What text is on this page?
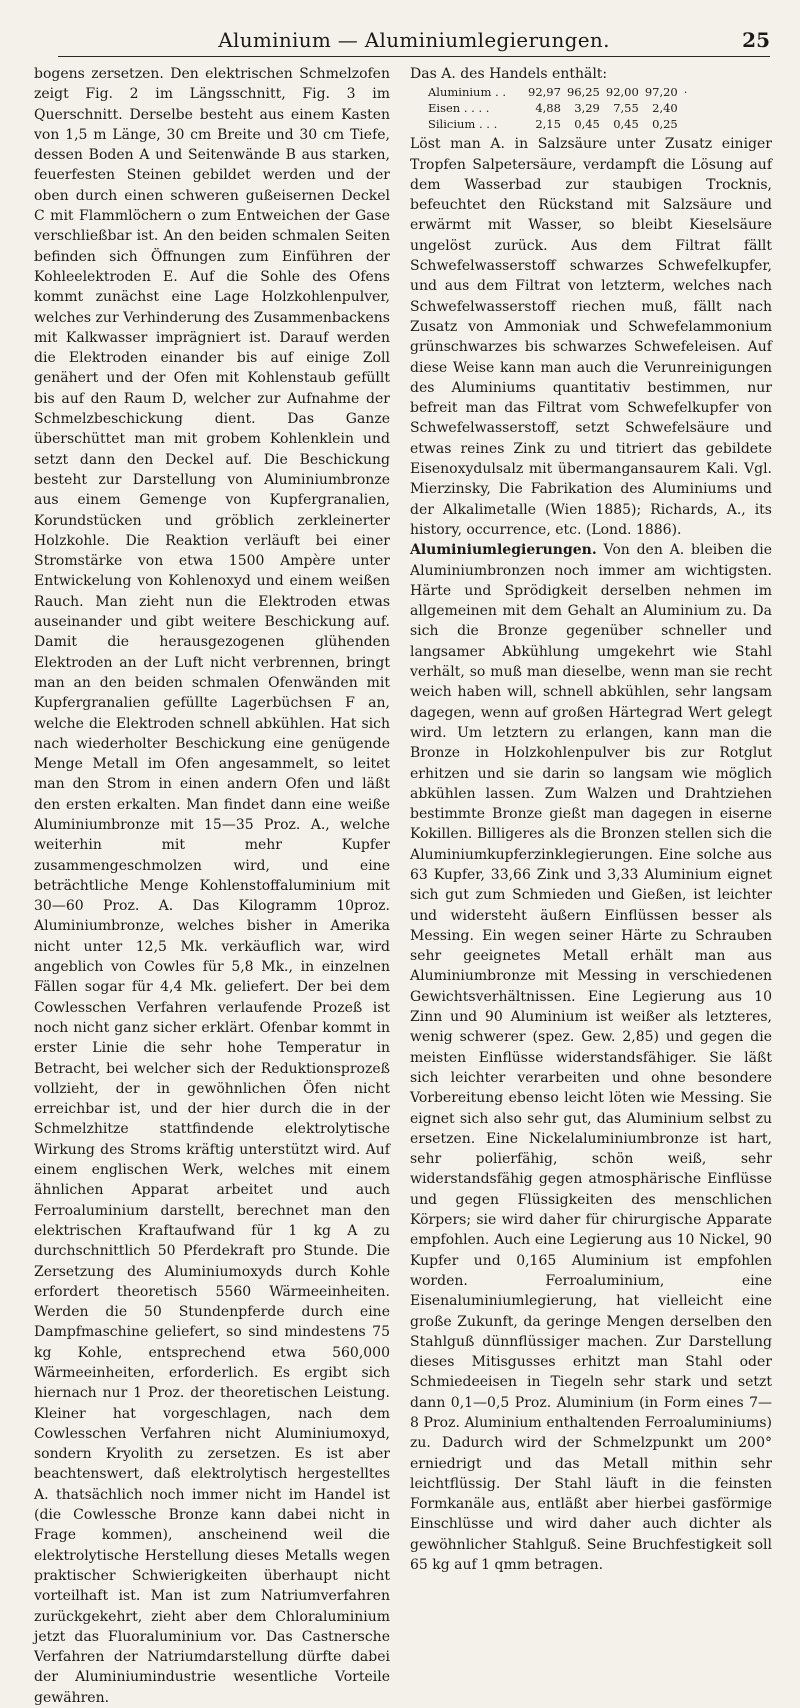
Aluminium — Aluminiumlegierungen.	25

bogens zersetzen. Den elektrischen Schmelzofen zeigt Fig. 2 im Längsschnitt, Fig. 3 im Querschnitt. Derselbe besteht aus einem Kasten von 1,5 m Länge, 30 cm Breite und 30 cm Tiefe, dessen Boden A und Seitenwände B aus starken, feuerfesten Steinen gebildet werden und der oben durch einen schweren gußeisernen Deckel C mit Flammlöchern o zum Entweichen der Gase verschließbar ist. An den beiden schmalen Seiten befinden sich Öffnungen zum Einführen der Kohleelektroden E. Auf die Sohle des Ofens kommt zunächst eine Lage Holzkohlenpulver, welches zur Verhinderung des Zusammenbackens mit Kalkwasser imprägniert ist. Darauf werden die Elektroden einander bis auf einige Zoll genähert und der Ofen mit Kohlenstaub gefüllt bis auf den Raum D, welcher zur Aufnahme der Schmelzbeschickung dient. Das Ganze überschüttet man mit grobem Kohlenklein und setzt dann den Deckel auf. Die Beschickung besteht zur Darstellung von Aluminiumbronze aus einem Gemenge von Kupfergranalien, Korundstücken und gröblich zerkleinerter Holzkohle. Die Reaktion verläuft bei einer Stromstärke von etwa 1500 Ampère unter Entwickelung von Kohlenoxyd und einem weißen Rauch. Man zieht nun die Elektroden etwas auseinander und gibt weitere Beschickung auf. Damit die herausgezogenen glühenden Elektroden an der Luft nicht verbrennen, bringt man an den beiden schmalen Ofenwänden mit Kupfergranalien gefüllte Lagerbüchsen F an, welche die Elektroden schnell abkühlen. Hat sich nach wiederholter Beschickung eine genügende Menge Metall im Ofen angesammelt, so leitet man den Strom in einen andern Ofen und läßt den ersten erkalten. Man findet dann eine weiße Aluminiumbronze mit 15—35 Proz. A., welche weiterhin mit mehr Kupfer zusammengeschmolzen wird, und eine beträchtliche Menge Kohlenstoffaluminium mit 30—60 Proz. A. Das Kilogramm 10proz. Aluminiumbronze, welches bisher in Amerika nicht unter 12,5 Mk. verkäuflich war, wird angeblich von Cowles für 5,8 Mk., in einzelnen Fällen sogar für 4,4 Mk. geliefert. Der bei dem Cowlesschen Verfahren verlaufende Prozeß ist noch nicht ganz sicher erklärt. Ofenbar kommt in erster Linie die sehr hohe Temperatur in Betracht, bei welcher sich der Reduktionsprozeß vollzieht, der in gewöhnlichen Öfen nicht erreichbar ist, und der hier durch die in der Schmelzhitze stattfindende elektrolytische Wirkung des Stroms kräftig unterstützt wird. Auf einem englischen Werk, welches mit einem ähnlichen Apparat arbeitet und auch Ferroaluminium darstellt, berechnet man den elektrischen Kraftaufwand für 1 kg A zu durchschnittlich 50 Pferdekraft pro Stunde. Die Zersetzung des Aluminiumoxyds durch Kohle erfordert theoretisch 5560 Wärmeeinheiten. Werden die 50 Stundenpferde durch eine Dampfmaschine geliefert, so sind mindestens 75 kg Kohle, entsprechend etwa 560,000 Wärmeeinheiten, erforderlich. Es ergibt sich hiernach nur 1 Proz. der theoretischen Leistung. Kleiner hat vorgeschlagen, nach dem Cowlesschen Verfahren nicht Aluminiumoxyd, sondern Kryolith zu zersetzen. Es ist aber beachtenswert, daß elektrolytisch hergestelltes A. thatsächlich noch immer nicht im Handel ist (die Cowlessche Bronze kann dabei nicht in Frage kommen), anscheinend weil die elektrolytische Herstellung dieses Metalls wegen praktischer Schwierigkeiten überhaupt nicht vorteilhaft ist. Man ist zum Natriumverfahren zurückgekehrt, zieht aber dem Chloraluminium jetzt das Fluoraluminium vor. Das Castnersche Verfahren der Natriumdarstellung dürfte dabei der Aluminiumindustrie wesentliche Vorteile gewähren.

Das A. des Handels enthält:

Aluminium . .	92,97	96,25	92,00	97,20	·
Eisen . . . .	4,88	3,29	7,55	2,40	
Silicium . . .	2,15	0,45	0,45	0,25	

Löst man A. in Salzsäure unter Zusatz einiger Tropfen Salpetersäure, verdampft die Lösung auf dem Wasserbad zur staubigen Trocknis, befeuchtet den Rückstand mit Salzsäure und erwärmt mit Wasser, so bleibt Kieselsäure ungelöst zurück. Aus dem Filtrat fällt Schwefelwasserstoff schwarzes Schwefelkupfer, und aus dem Filtrat von letzterm, welches nach Schwefelwasserstoff riechen muß, fällt nach Zusatz von Ammoniak und Schwefelammonium grünschwarzes bis schwarzes Schwefeleisen. Auf diese Weise kann man auch die Verunreinigungen des Aluminiums quantitativ bestimmen, nur befreit man das Filtrat vom Schwefelkupfer von Schwefelwasserstoff, setzt Schwefelsäure und etwas reines Zink zu und titriert das gebildete Eisenoxydulsalz mit übermangansaurem Kali. Vgl. Mierzinsky, Die Fabrikation des Aluminiums und der Alkalimetalle (Wien 1885); Richards, A., its history, occurrence, etc. (Lond. 1886).

Aluminiumlegierungen. Von den A. bleiben die Aluminiumbronzen noch immer am wichtigsten. Härte und Sprödigkeit derselben nehmen im allgemeinen mit dem Gehalt an Aluminium zu. Da sich die Bronze gegenüber schneller und langsamer Abkühlung umgekehrt wie Stahl verhält, so muß man dieselbe, wenn man sie recht weich haben will, schnell abkühlen, sehr langsam dagegen, wenn auf großen Härtegrad Wert gelegt wird. Um letztern zu erlangen, kann man die Bronze in Holzkohlenpulver bis zur Rotglut erhitzen und sie darin so langsam wie möglich abkühlen lassen. Zum Walzen und Drahtziehen bestimmte Bronze gießt man dagegen in eiserne Kokillen. Billigeres als die Bronzen stellen sich die Aluminiumkupferzinklegierungen. Eine solche aus 63 Kupfer, 33,66 Zink und 3,33 Aluminium eignet sich gut zum Schmieden und Gießen, ist leichter und widersteht äußern Einflüssen besser als Messing. Ein wegen seiner Härte zu Schrauben sehr geeignetes Metall erhält man aus Aluminiumbronze mit Messing in verschiedenen Gewichtsverhältnissen. Eine Legierung aus 10 Zinn und 90 Aluminium ist weißer als letzteres, wenig schwerer (spez. Gew. 2,85) und gegen die meisten Einflüsse widerstandsfähiger. Sie läßt sich leichter verarbeiten und ohne besondere Vorbereitung ebenso leicht löten wie Messing. Sie eignet sich also sehr gut, das Aluminium selbst zu ersetzen. Eine Nickelaluminiumbronze ist hart, sehr polierfähig, schön weiß, sehr widerstandsfähig gegen atmosphärische Einflüsse und gegen Flüssigkeiten des menschlichen Körpers; sie wird daher für chirurgische Apparate empfohlen. Auch eine Legierung aus 10 Nickel, 90 Kupfer und 0,165 Aluminium ist empfohlen worden. Ferroaluminium, eine Eisenaluminiumlegierung, hat vielleicht eine große Zukunft, da geringe Mengen derselben den Stahlguß dünnflüssiger machen. Zur Darstellung dieses Mitisgusses erhitzt man Stahl oder Schmiedeeisen in Tiegeln sehr stark und setzt dann 0,1—0,5 Proz. Aluminium (in Form eines 7—8 Proz. Aluminium enthaltenden Ferroaluminiums) zu. Dadurch wird der Schmelzpunkt um 200° erniedrigt und das Metall mithin sehr leichtflüssig. Der Stahl läuft in die feinsten Formkanäle aus, entläßt aber hierbei gasförmige Einschlüsse und wird daher auch dichter als gewöhnlicher Stahlguß. Seine Bruchfestigkeit soll 65 kg auf 1 qmm betragen.
